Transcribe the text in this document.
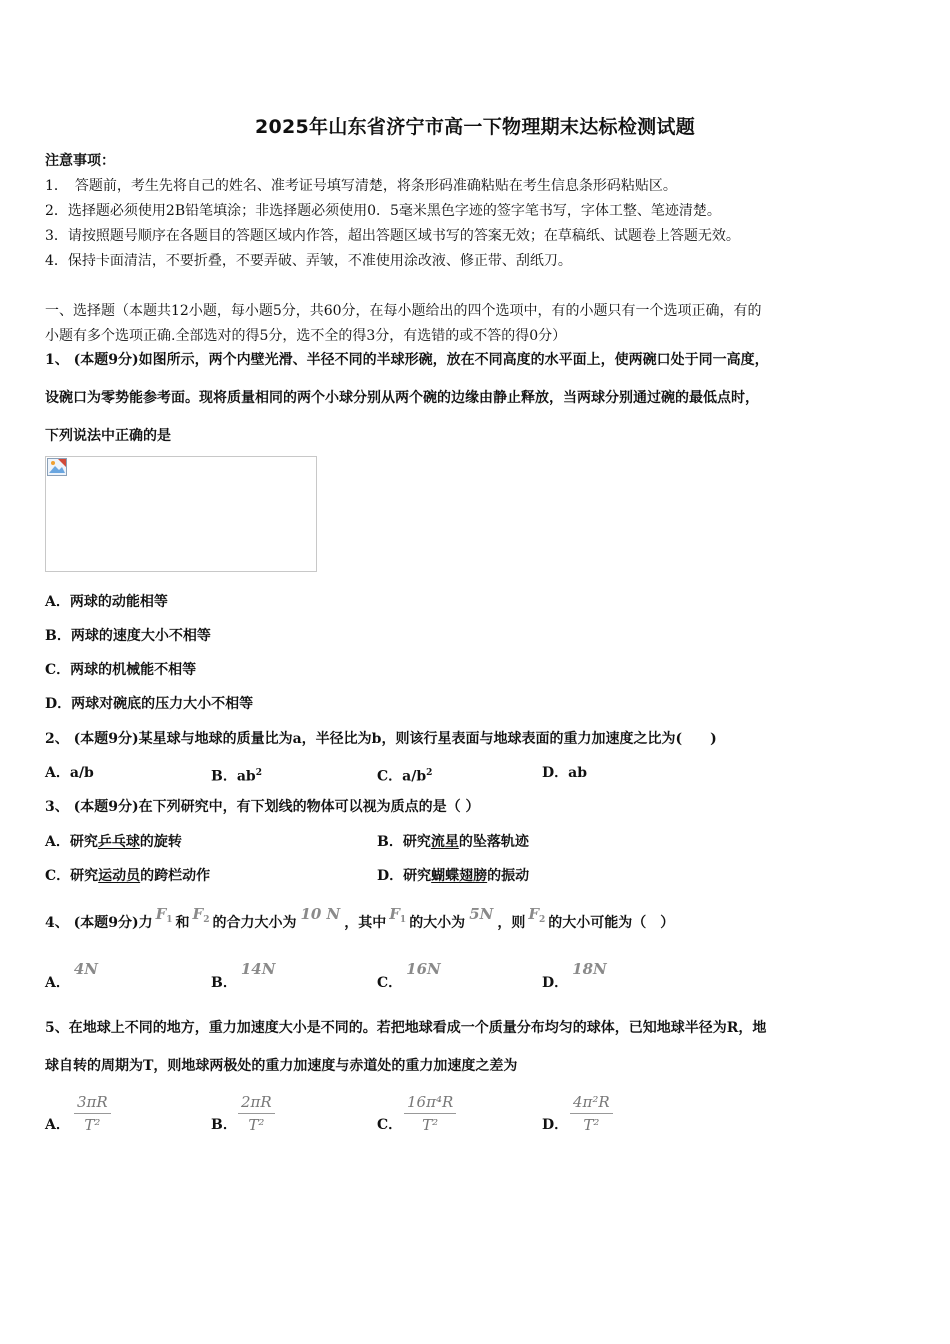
2025年山东省济宁市高一下物理期末达标检测试题
注意事项：
1．　答题前，考生先将自己的姓名、准考证号填写清楚，将条形码准确粘贴在考生信息条形码粘贴区。
2．选择题必须使用2B铅笔填涂；非选择题必须使用0．5毫米黑色字迹的签字笔书写，字体工整、笔迹清楚。
3．请按照题号顺序在各题目的答题区域内作答，超出答题区域书写的答案无效；在草稿纸、试题卷上答题无效。
4．保持卡面清洁，不要折叠，不要弄破、弄皱，不准使用涂改液、修正带、刮纸刀。
一、选择题（本题共12小题，每小题5分，共60分，在每小题给出的四个选项中，有的小题只有一个选项正确，有的
小题有多个选项正确.全部选对的得5分，选不全的得3分，有选错的或不答的得0分）
1、 (本题9分)如图所示，两个内壁光滑、半径不同的半球形碗，放在不同高度的水平面上，使两碗口处于同一高度，
设碗口为零势能参考面。现将质量相同的两个小球分别从两个碗的边缘由静止释放，当两球分别通过碗的最低点时，
下列说法中正确的是
A．两球的动能相等
B．两球的速度大小不相等
C．两球的机械能不相等
D．两球对碗底的压力大小不相等
2、 (本题9分)某星球与地球的质量比为a，半径比为b，则该行星表面与地球表面的重力加速度之比为(　　)
A．a/b	B．$ab^2$	C．$a/b^2$	D．ab
3、 (本题9分)在下列研究中，有下划线的物体可以视为质点的是（ ）
A．研究乒乓球的旋转	B．研究流星的坠落轨迹
C．研究运动员的跨栏动作	D．研究蝴蝶翅膀的振动
4、 (本题9分)力 $F_1$ 和 $F_2$ 的合力大小为 10 N ，其中 $F_1$ 的大小为 5N ，则 $F_2$ 的大小可能为（　）
A．4N
B．14N
C．16N
D．18N
5、在地球上不同的地方，重力加速度大小是不同的。若把地球看成一个质量分布均匀的球体，已知地球半径为R，地
球自转的周期为T，则地球两极处的重力加速度与赤道处的重力加速度之差为
A．
3πR
T²	B．
2πR
T²	C．
16π⁴R
T²	D．
4π²R
T²
